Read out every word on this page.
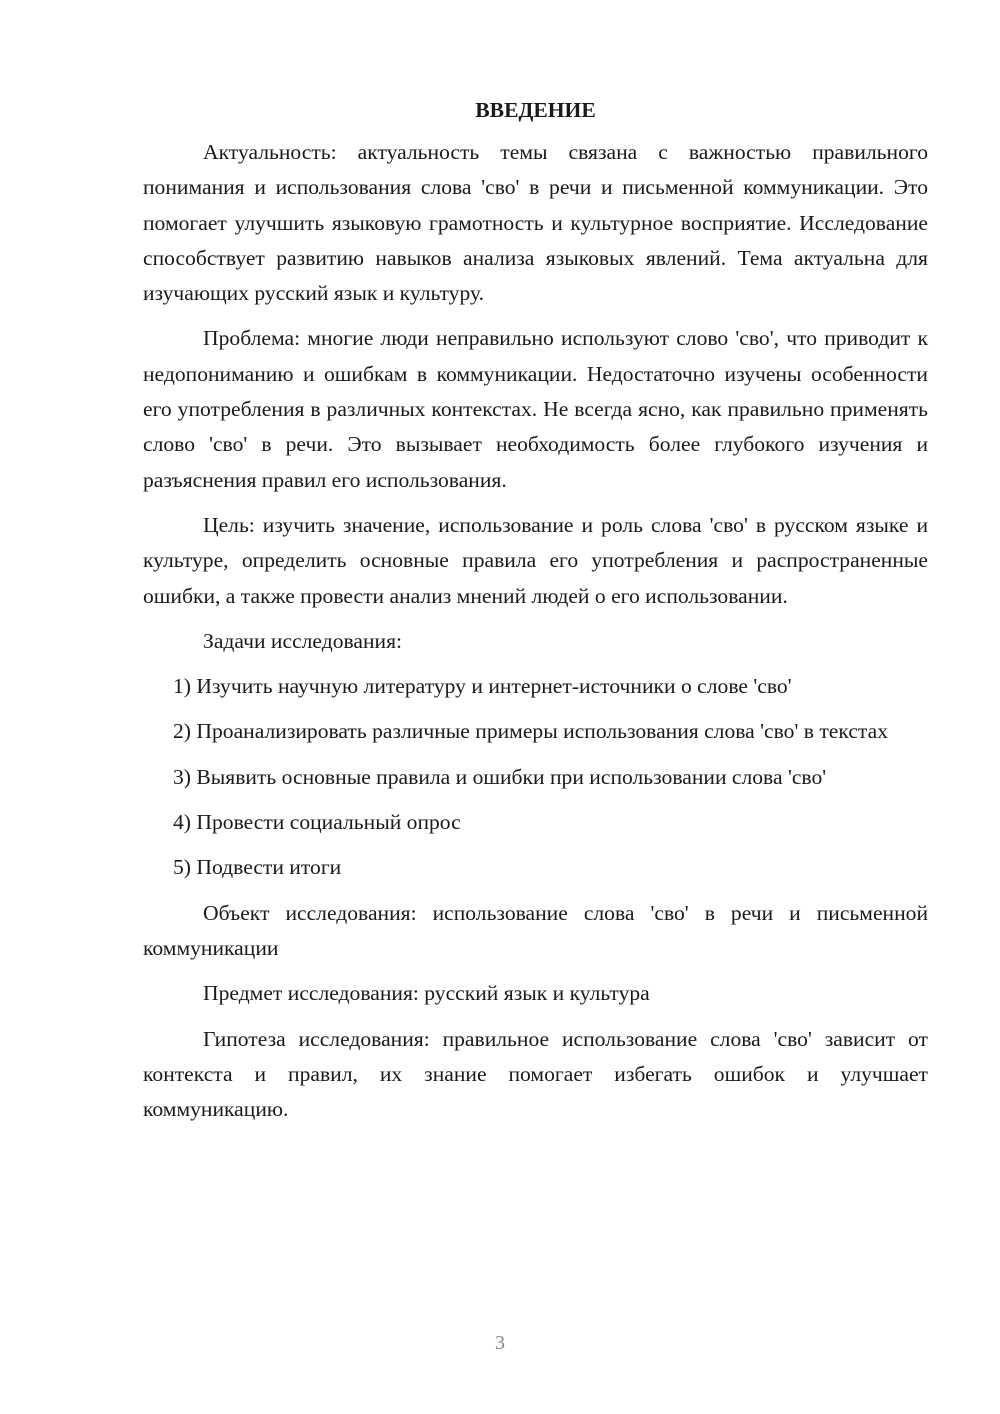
ВВЕДЕНИЕ

Актуальность: актуальность темы связана с важностью правильного понимания и использования слова 'сво' в речи и письменной коммуникации. Это помогает улучшить языковую грамотность и культурное восприятие. Исследование способствует развитию навыков анализа языковых явлений. Тема актуальна для изучающих русский язык и культуру.

Проблема: многие люди неправильно используют слово 'сво', что приводит к недопониманию и ошибкам в коммуникации. Недостаточно изучены особенности его употребления в различных контекстах. Не всегда ясно, как правильно применять слово 'сво' в речи. Это вызывает необходимость более глубокого изучения и разъяснения правил его использования.

Цель: изучить значение, использование и роль слова 'сво' в русском языке и культуре, определить основные правила его употребления и распространенные ошибки, а также провести анализ мнений людей о его использовании.

Задачи исследования:

1) Изучить научную литературу и интернет-источники о слове 'сво'

2) Проанализировать различные примеры использования слова 'сво' в текстах

3) Выявить основные правила и ошибки при использовании слова 'сво'

4) Провести социальный опрос

5) Подвести итоги

Объект исследования: использование слова 'сво' в речи и письменной коммуникации

Предмет исследования: русский язык и культура

Гипотеза исследования: правильное использование слова 'сво' зависит от контекста и правил, их знание помогает избегать ошибок и улучшает коммуникацию.

3
